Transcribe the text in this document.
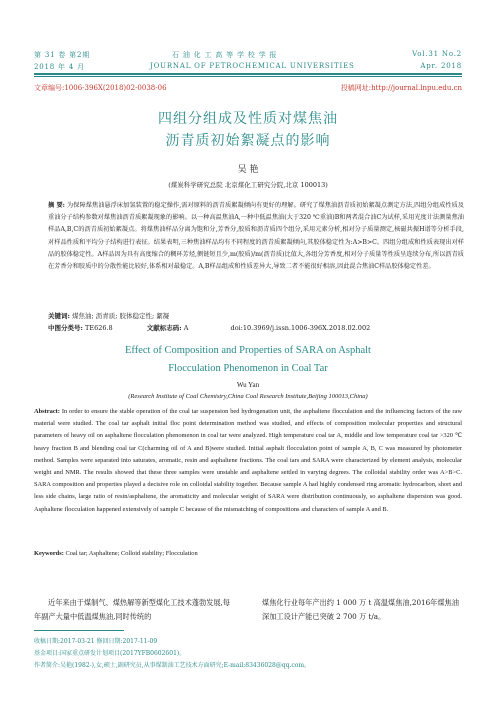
第 31 卷 第2期	石 油 化 工 高 等 学 校 学 报	Vol.31 No.2
2018 年 4 月	JOURNAL OF PETROCHEMICAL UNIVERSITIES	Apr. 2018
文章编号:1006-396X(2018)02-0038-06	投稿网址:http://journal.lnpu.edu.cn
四组分组成及性质对煤焦油
沥青质初始絮凝点的影响
吴 艳
(煤炭科学研究总院 北京煤化工研究分院,北京 100013)
摘 要: 为保障煤焦油悬浮床加氢装置的稳定操作,需对原料的沥青质絮凝倾向有更好的理解。研究了煤焦油沥青质初始絮凝点测定方法,四组分组成性质及重油分子结构参数对煤焦油沥青质絮凝现象的影响。以一种高温焦油A,一种中低温焦油(大于320 ℃重油)B和两者混合油C为试样,采用光度计法测量焦油样品A,B,C的沥青质初始絮凝点。将煤焦油样品分离为饱和分,芳香分,胶质和沥青质四个组分,采用元素分析,相对分子质量测定,核磁共振H谱等分析手段,对样品性质和平均分子结构进行表征。结果表明,三种焦油样品均有不同程度的沥青质絮凝倾向,其胶体稳定性为:A>B>C。四组分组成和性质表现出对样品的胶体稳定性。A样品因为具有高度缩合的稠环芳烃,侧链短且少,m(胶质)/m(沥青质)比值大,各组分芳香度,相对分子质量等性质呈连续分布,所以沥青质在芳香分和胶质中的分散性能比较好,体系相对最稳定。A,B样品组成和性质差异大,导致二者不能很好相溶,因此混合焦油C样品胶体稳定性差。
关键词: 煤焦油; 沥青质; 胶体稳定性; 絮凝
中图分类号: TE626.8	文献标志码: A	doi:10.3969/j.issn.1006-396X.2018.02.002
Effect of Composition and Properties of SARA on Asphalt
Flocculation Phenomenon in Coal Tar
Wu Yan
(Research Institute of Coal Chemistry,China Coal Research Institute,Beijing 100013,China)
Abstract: In order to ensure the stable operation of the coal tar suspension bed hydrogenation unit, the asphaltene flocculation and the influencing factors of the raw material were studied. The coal tar asphalt initial floc point determination method was studied, and effects of composition molecular properties and structural parameters of heavy oil on asphaltene flocculation phenomenon in coal tar were analyzed. High temperature coal tar A, middle and low temperature coal tar >320 ℃ heavy fraction B and blending coal tar C(charming oil of A and B)were studied. Initial asphalt flocculation point of sample A, B, C was measured by photometer method. Samples were separated into saturates, aromatic, resin and asphaltene fractions. The coal tars and SARA were characterized by element analysis, molecular weight and NMR. The results showed that these three samples were unstable and asphaltene settled in varying degrees. The colloidal stability order was A>B>C. SARA composition and properties played a decisive role on colloidal stability together. Because sample A had highly condensed ring aromatic hydrocarbon, short and less side chains, large ratio of resin/asphaltene, the aromaticity and molecular weight of SARA were distribution continuously, so asphaltene dispersion was good. Asphaltene flocculation happened extensively of sample C because of the mismatching of compositions and characters of sample A and B.
Keywords: Coal tar; Asphaltene; Colloid stability; Flocculation
近年来由于煤制气、煤热解等新型煤化工技术蓬勃发展,每年副产大量中低温煤焦油,同时传统的
煤焦化行业每年产出约 1 000 万 t 高温煤焦油,2016年煤焦油深加工设计产能已突破 2 700 万 t/a。
收稿日期:2017-03-21 修回日期:2017-11-09
基金项目:国家重点研发计划项目(2017YFB0602601)。
作者简介:吴艳(1982-),女,硕士,副研究员,从事煤制油工艺技术方面研究;E-mail:83436028@qq.com。
